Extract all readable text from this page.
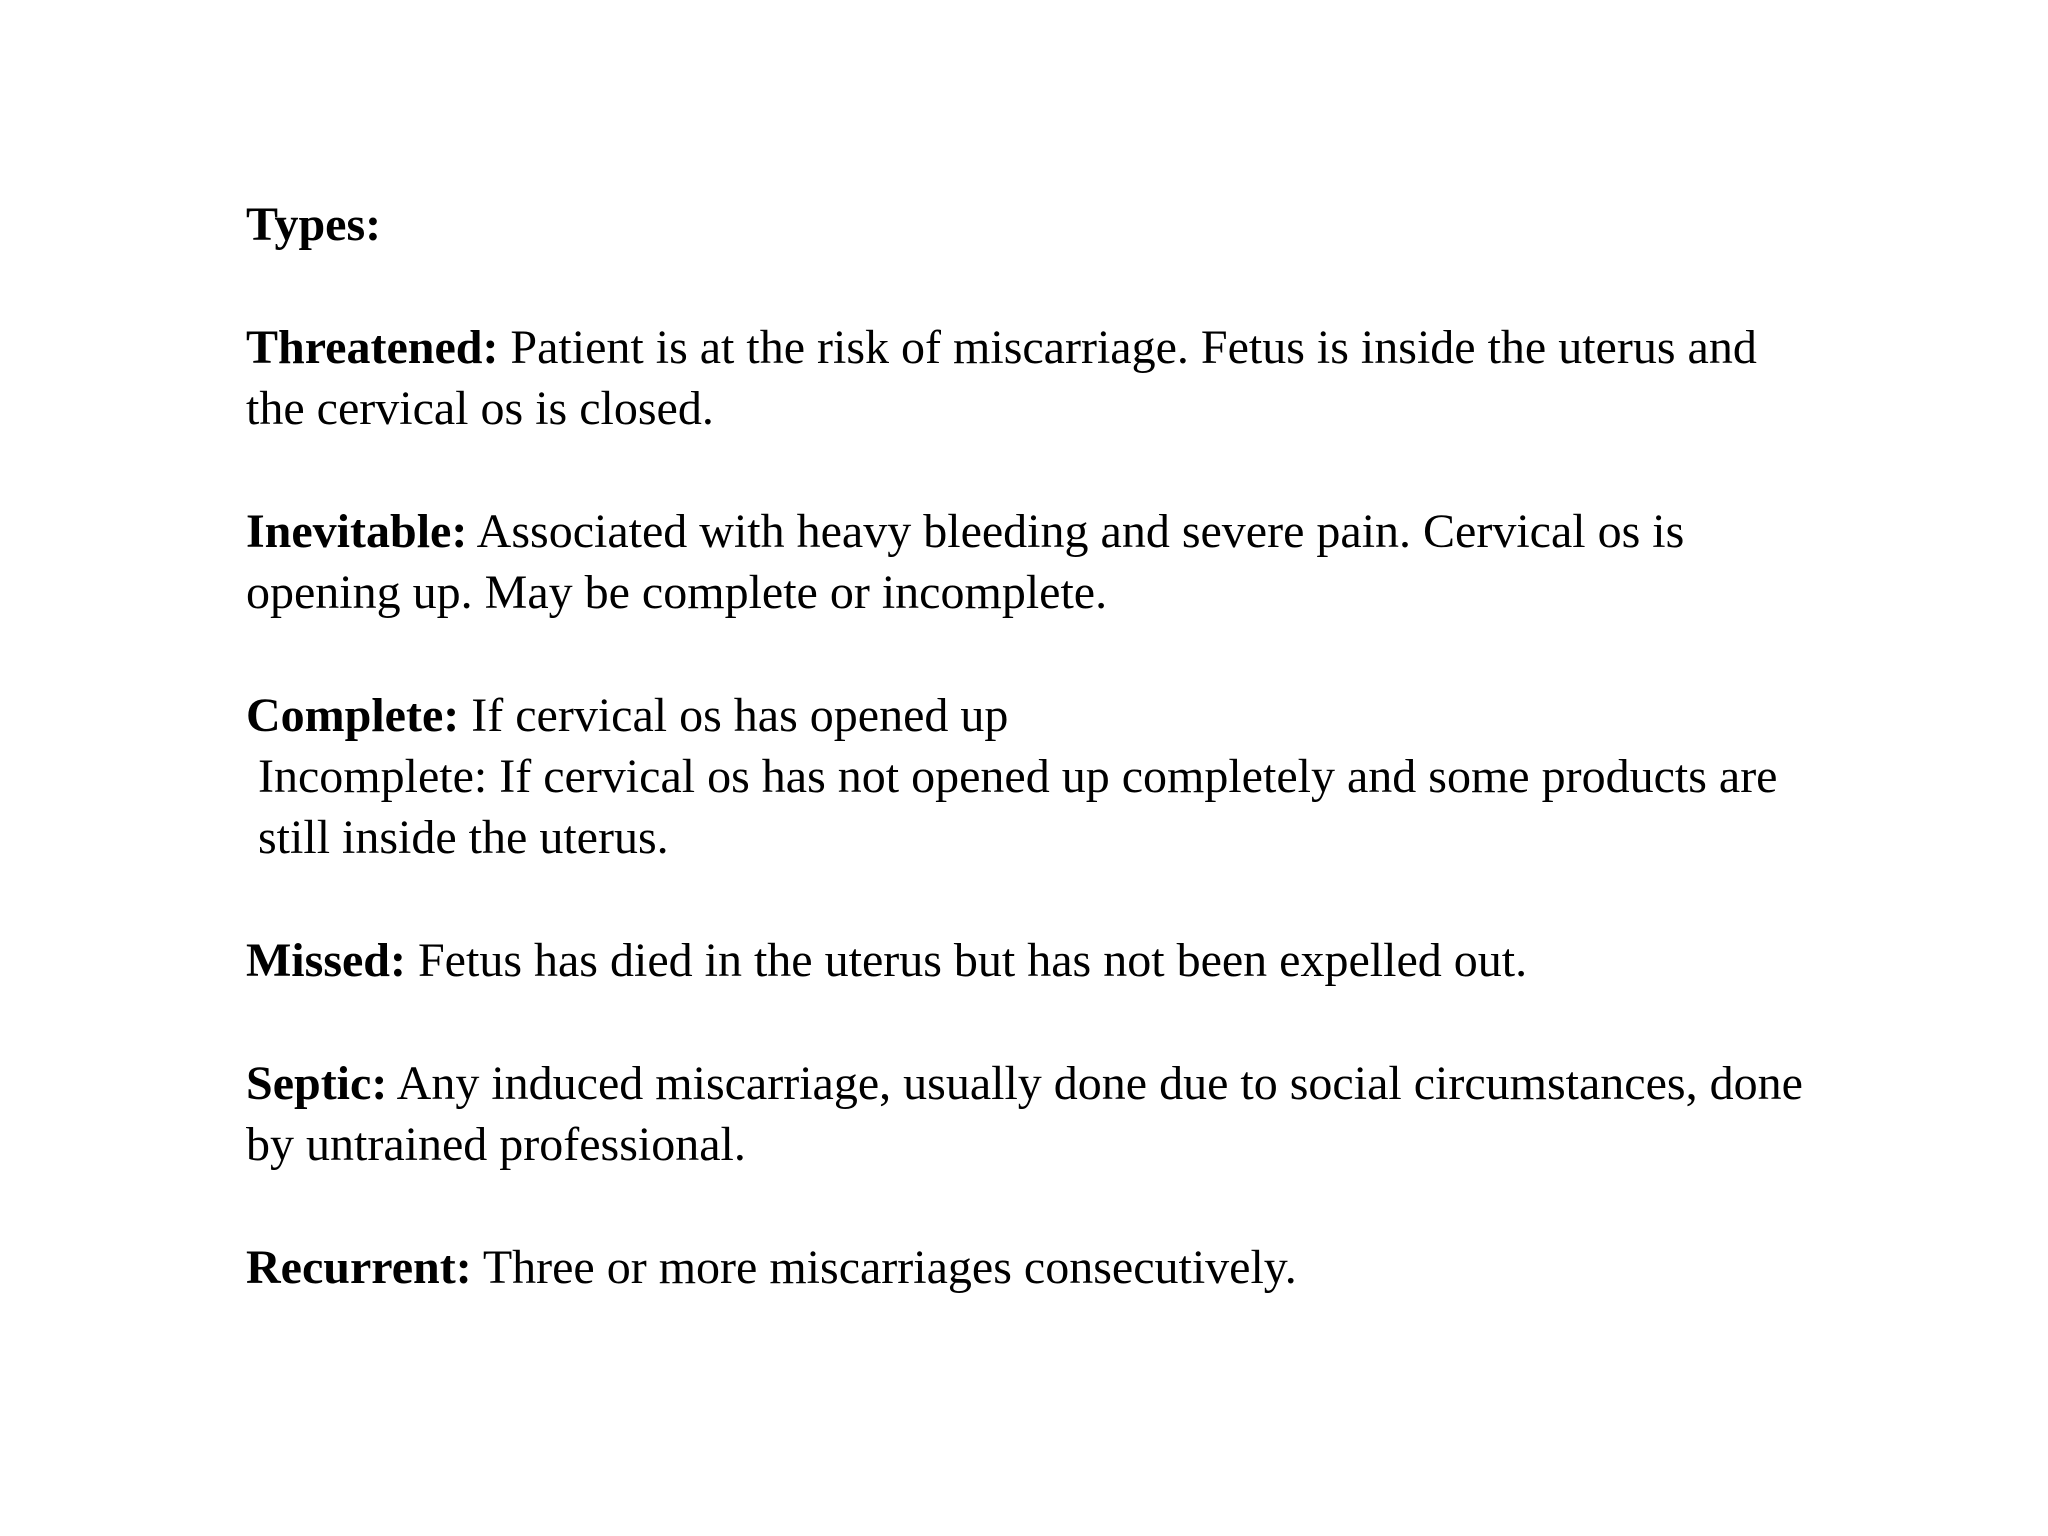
Types:
Threatened: Patient is at the risk of miscarriage. Fetus is inside the uterus and the cervical os is closed.
Inevitable: Associated with heavy bleeding and severe pain. Cervical os is opening up. May be complete or incomplete.
Complete: If cervical os has opened up
Incomplete: If cervical os has not opened up completely and some products are still inside the uterus.
Missed: Fetus has died in the uterus but has not been expelled out.
Septic: Any induced miscarriage, usually done due to social circumstances, done by untrained professional.
Recurrent: Three or more miscarriages consecutively.
